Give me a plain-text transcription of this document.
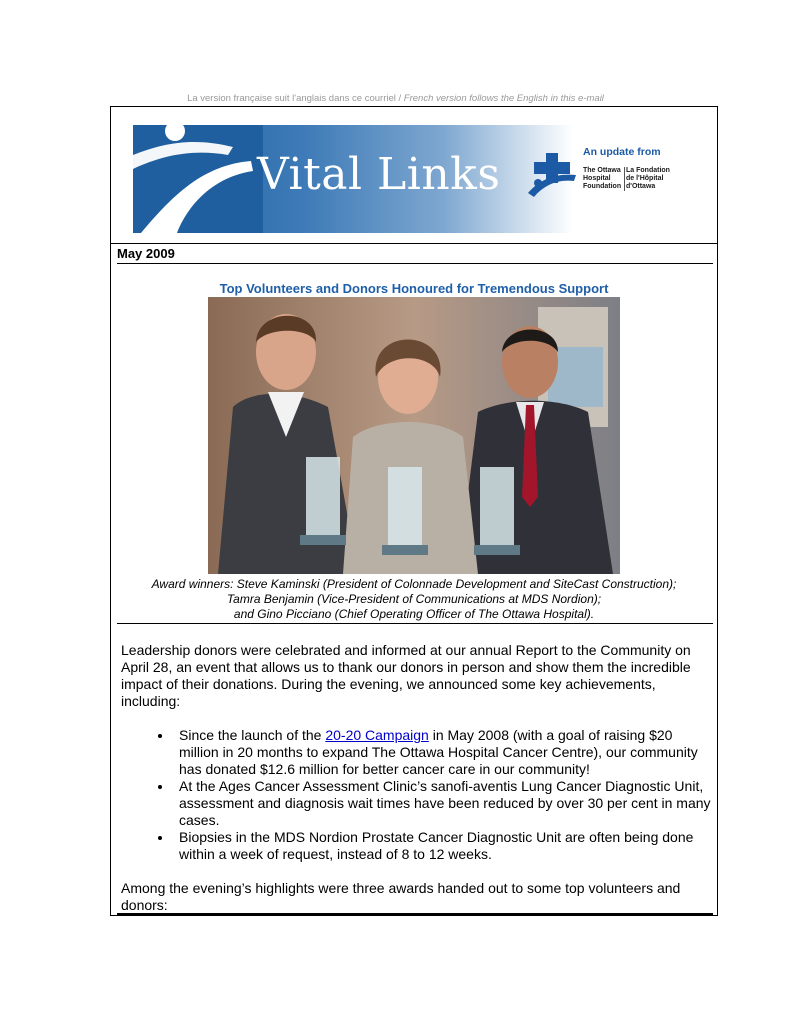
La version française suit l'anglais dans ce courriel / French version follows the English in this e-mail
Vital Links	An update from
The Ottawa
Hospital
Foundation
La Fondation
de l'Hôpital
d'Ottawa
May 2009
Top Volunteers and Donors Honoured for Tremendous Support
Award winners: Steve Kaminski (President of Colonnade Development and SiteCast Construction);
Tamra Benjamin (Vice-President of Communications at MDS Nordion);
and Gino Picciano (Chief Operating Officer of The Ottawa Hospital).

Leadership donors were celebrated and informed at our annual Report to the Community on April 28, an event that allows us to thank our donors in person and show them the incredible impact of their donations. During the evening, we announced some key achievements, including:

• Since the launch of the 20-20 Campaign in May 2008 (with a goal of raising $20 million in 20 months to expand The Ottawa Hospital Cancer Centre), our community has donated $12.6 million for better cancer care in our community!
• At the Ages Cancer Assessment Clinic’s sanofi-aventis Lung Cancer Diagnostic Unit, assessment and diagnosis wait times have been reduced by over 30 per cent in many cases.
• Biopsies in the MDS Nordion Prostate Cancer Diagnostic Unit are often being done within a week of request, instead of 8 to 12 weeks.

Among the evening’s highlights were three awards handed out to some top volunteers and donors:
